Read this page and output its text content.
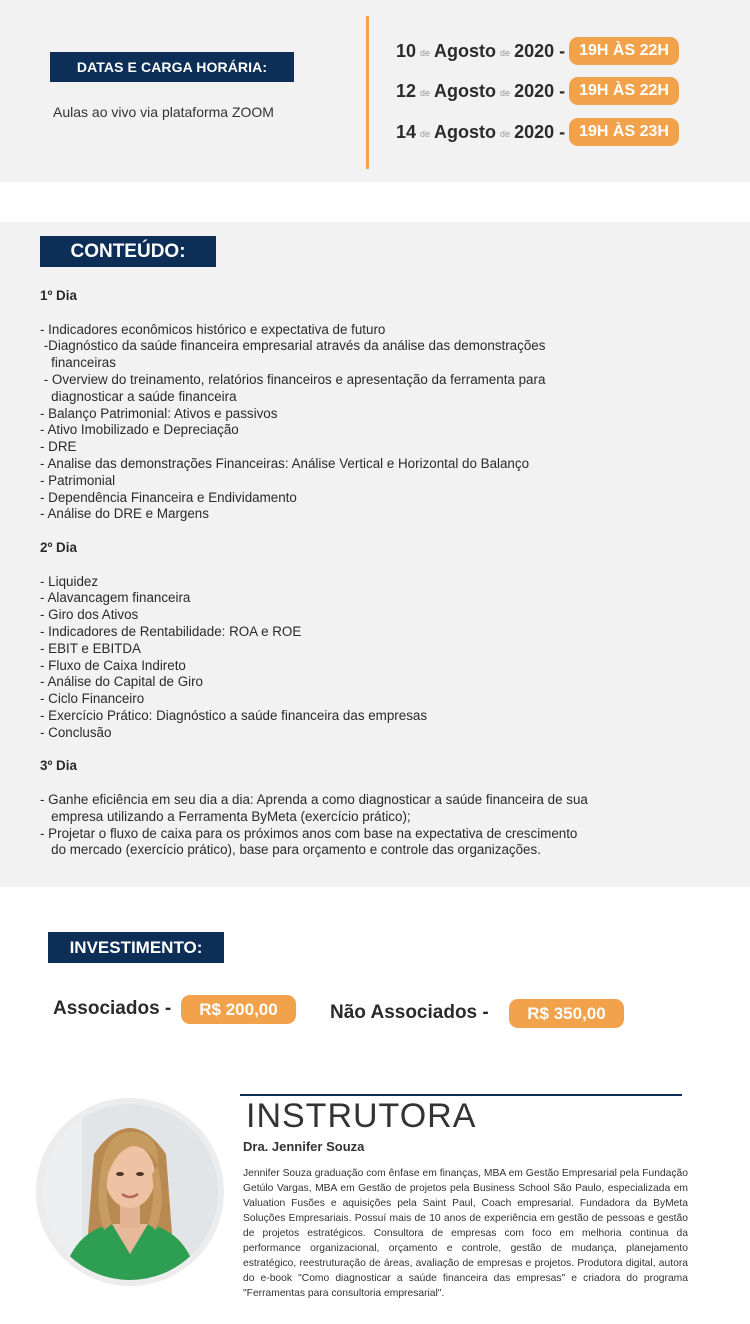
DATAS E CARGA HORÁRIA:
Aulas ao vivo via plataforma ZOOM
10 de Agosto de 2020 - 19H ÀS 22H
12 de Agosto de 2020 - 19H ÀS 22H
14 de Agosto de 2020 - 19H ÀS 23H
CONTEÚDO:
1º Dia
- Indicadores econômicos histórico e expectativa de futuro
-Diagnóstico da saúde financeira empresarial através da análise das demonstrações
financeiras
- Overview do treinamento, relatórios financeiros e apresentação da ferramenta para
diagnosticar a saúde financeira
- Balanço Patrimonial: Ativos e passivos
- Ativo Imobilizado e Depreciação
- DRE
- Analise das demonstrações Financeiras: Análise Vertical e Horizontal do Balanço
- Patrimonial
- Dependência Financeira e Endividamento
- Análise do DRE e Margens
2º Dia
- Liquidez
- Alavancagem financeira
- Giro dos Ativos
- Indicadores de Rentabilidade: ROA e ROE
- EBIT e EBITDA
- Fluxo de Caixa Indireto
- Análise do Capital de Giro
- Ciclo Financeiro
- Exercício Prático: Diagnóstico a saúde financeira das empresas
- Conclusão
3º Dia
- Ganhe eficiência em seu dia a dia: Aprenda a como diagnosticar a saúde financeira de sua
empresa utilizando a Ferramenta ByMeta (exercício prático);
- Projetar o fluxo de caixa para os próximos anos com base na expectativa de crescimento
do mercado (exercício prático), base para orçamento e controle das organizações.
INVESTIMENTO:
Associados -	R$ 200,00	Não Associados -	R$ 350,00
INSTRUTORA
Dra. Jennifer Souza
Jennifer Souza graduação com ênfase em finanças, MBA em Gestão Empresarial pela Fundação Getúlo Vargas, MBA em Gestão de projetos pela Business School São Paulo, especializada em Valuation Fusões e aquisições pela Saint Paul, Coach empresarial. Fundadora da ByMeta Soluções Empresariais. Possuí mais de 10 anos de experiência em gestão de pessoas e gestão de projetos estratégicos. Consultora de empresas com foco em melhoria continua da performance organizacional, orçamento e controle, gestão de mudança, planejamento estratégico, reestruturação de áreas, avaliação de empresas e projetos. Produtora digital, autora do e-book "Como diagnosticar a saúde financeira das empresas" e criadora do programa "Ferramentas para consultoria empresarial".
